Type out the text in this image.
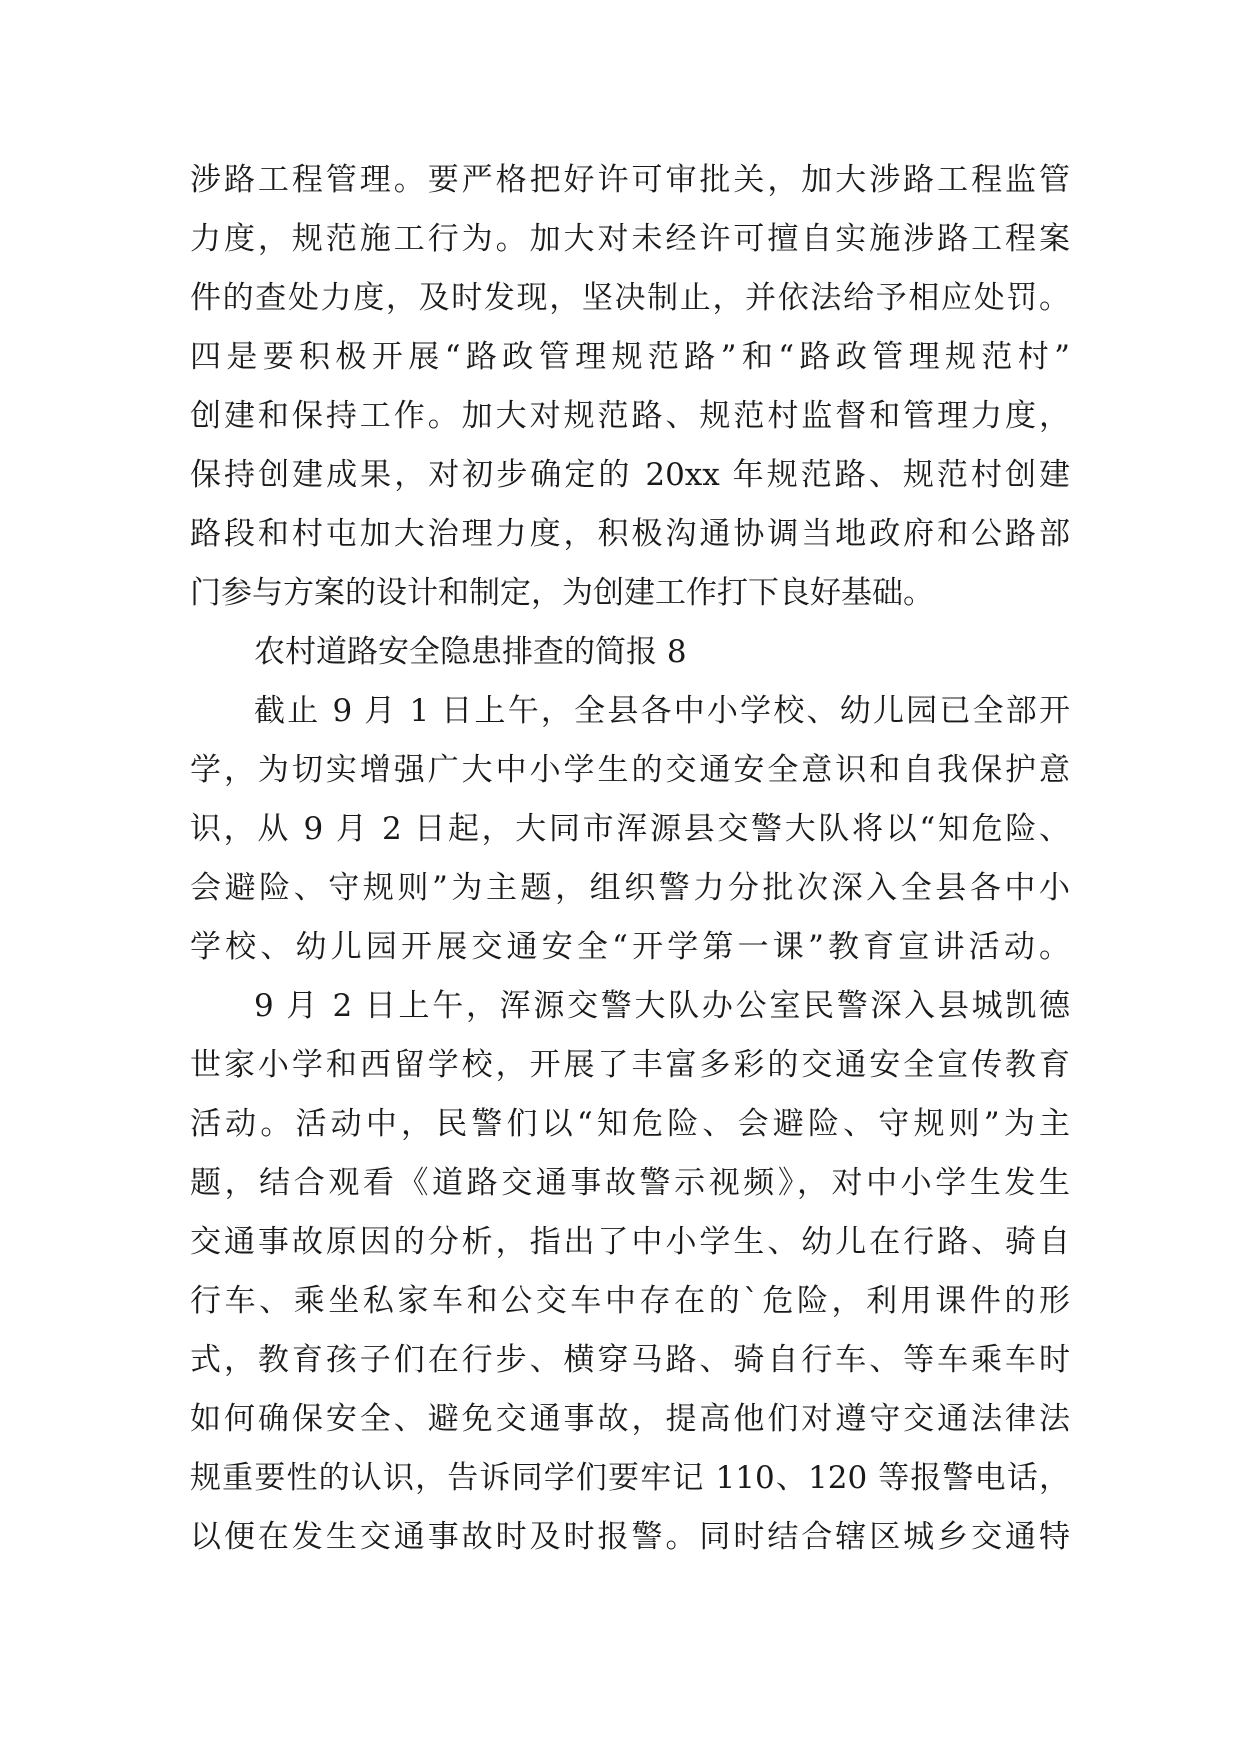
涉路工程管理。要严格把好许可审批关，加大涉路工程监管
力度，规范施工行为。加大对未经许可擅自实施涉路工程案
件的查处力度，及时发现，坚决制止，并依法给予相应处罚。
四是要积极开展“路政管理规范路”和“路政管理规范村”
创建和保持工作。加大对规范路、规范村监督和管理力度，
保持创建成果，对初步确定的 20xx 年规范路、规范村创建
路段和村屯加大治理力度，积极沟通协调当地政府和公路部
门参与方案的设计和制定，为创建工作打下良好基础。
农村道路安全隐患排查的简报 8
截止 9 月 1 日上午，全县各中小学校、幼儿园已全部开
学，为切实增强广大中小学生的交通安全意识和自我保护意
识，从 9 月 2 日起，大同市浑源县交警大队将以“知危险、
会避险、守规则”为主题，组织警力分批次深入全县各中小
学校、幼儿园开展交通安全“开学第一课”教育宣讲活动。
9 月 2 日上午，浑源交警大队办公室民警深入县城凯德
世家小学和西留学校，开展了丰富多彩的交通安全宣传教育
活动。活动中，民警们以“知危险、会避险、守规则”为主
题，结合观看《道路交通事故警示视频》，对中小学生发生
交通事故原因的分析，指出了中小学生、幼儿在行路、骑自
行车、乘坐私家车和公交车中存在的`危险，利用课件的形
式，教育孩子们在行步、横穿马路、骑自行车、等车乘车时
如何确保安全、避免交通事故，提高他们对遵守交通法律法
规重要性的认识，告诉同学们要牢记 110、120 等报警电话，
以便在发生交通事故时及时报警。同时结合辖区城乡交通特
